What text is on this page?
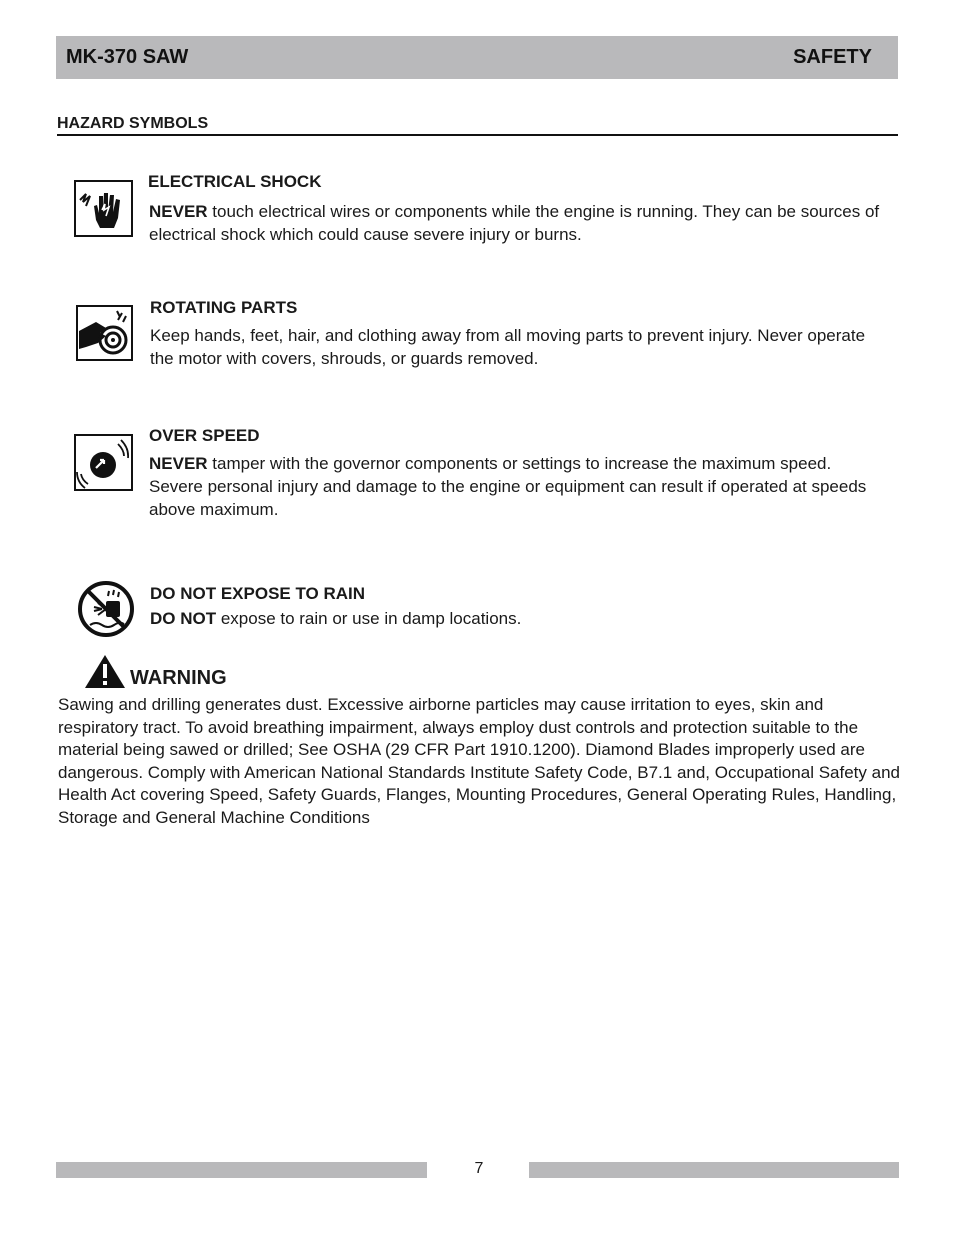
MK-370 SAW	SAFETY
HAZARD SYMBOLS
ELECTRICAL SHOCK
NEVER touch electrical wires or components while the engine is running. They can be sources of electrical shock which could cause severe injury or burns.
ROTATING PARTS
Keep hands, feet, hair, and clothing away from all moving parts to prevent injury. Never operate the motor with covers, shrouds, or guards removed.
OVER SPEED
NEVER tamper with the governor components or settings to increase the maximum speed. Severe personal injury and damage to the engine or equipment can result if operated at speeds above maximum.
DO NOT EXPOSE TO RAIN
DO NOT expose to rain or use in damp locations.
WARNING
Sawing and drilling generates dust. Excessive airborne particles may cause irritation to eyes, skin and respiratory tract. To avoid breathing impairment, always employ dust controls and protection suitable to the material being sawed or drilled; See OSHA (29 CFR Part 1910.1200). Diamond Blades improperly used are dangerous. Comply with American National Standards Institute Safety Code, B7.1 and, Occupational Safety and Health Act covering Speed, Safety Guards, Flanges, Mounting Procedures, General Operating Rules, Handling, Storage and General Machine Conditions
7
